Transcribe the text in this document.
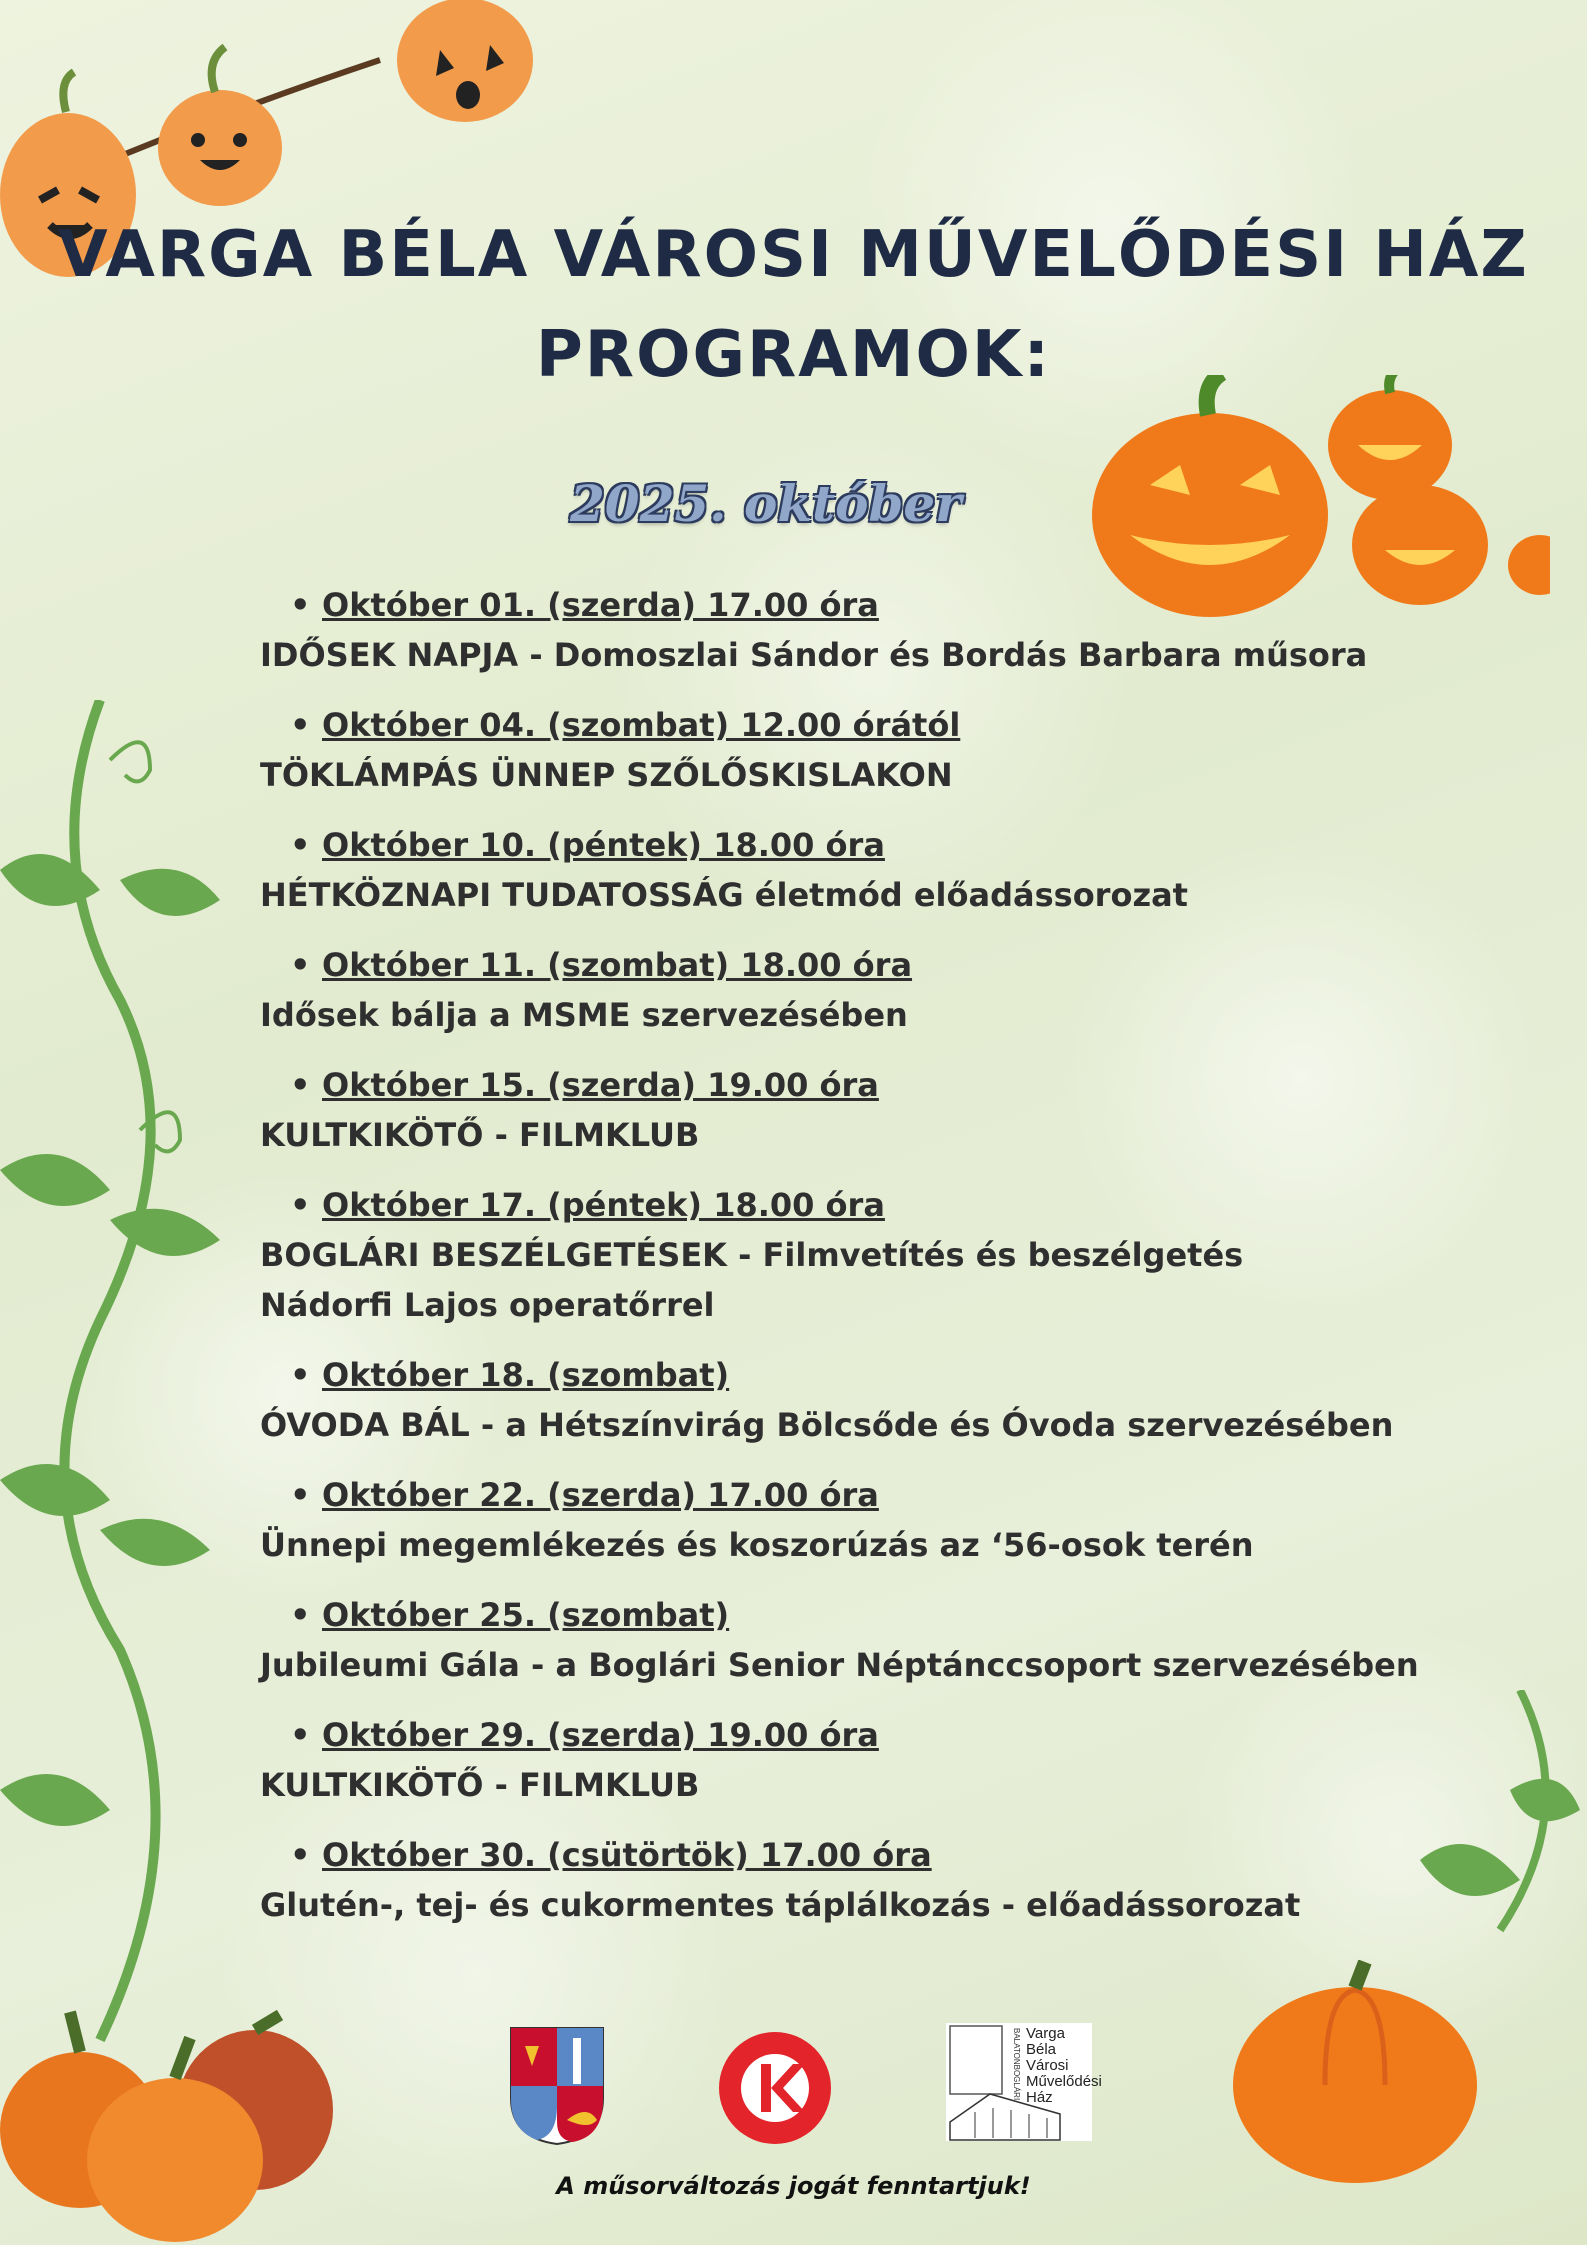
VARGA BÉLA VÁROSI MŰVELŐDÉSI HÁZ
PROGRAMOK:
2025. október
• Október 01. (szerda) 17.00 óra
IDŐSEK NAPJA - Domoszlai Sándor és Bordás Barbara műsora
• Október 04. (szombat) 12.00 órától
TÖKLÁMPÁS ÜNNEP SZŐLŐSKISLAKON
• Október 10. (péntek) 18.00 óra
HÉTKÖZNAPI TUDATOSSÁG életmód előadássorozat
• Október 11. (szombat) 18.00 óra
Idősek bálja a MSME szervezésében
• Október 15. (szerda) 19.00 óra
KULTKIKÖTŐ - FILMKLUB
• Október 17. (péntek) 18.00 óra
BOGLÁRI BESZÉLGETÉSEK - Filmvetítés és beszélgetés
Nádorfi Lajos operatőrrel
• Október 18. (szombat)
ÓVODA BÁL - a Hétszínvirág Bölcsőde és Óvoda szervezésében
• Október 22. (szerda) 17.00 óra
Ünnepi megemlékezés és koszorúzás az ‘56-osok terén
• Október 25. (szombat)
Jubileumi Gála - a Boglári Senior Néptánccsoport szervezésében
• Október 29. (szerda) 19.00 óra
KULTKIKÖTŐ - FILMKLUB
• Október 30. (csütörtök) 17.00 óra
Glutén-, tej- és cukormentes táplálkozás - előadássorozat
BALATONBOGLÁRI Varga
Béla
Városi
Művelődési
Ház
A műsorváltozás jogát fenntartjuk!
